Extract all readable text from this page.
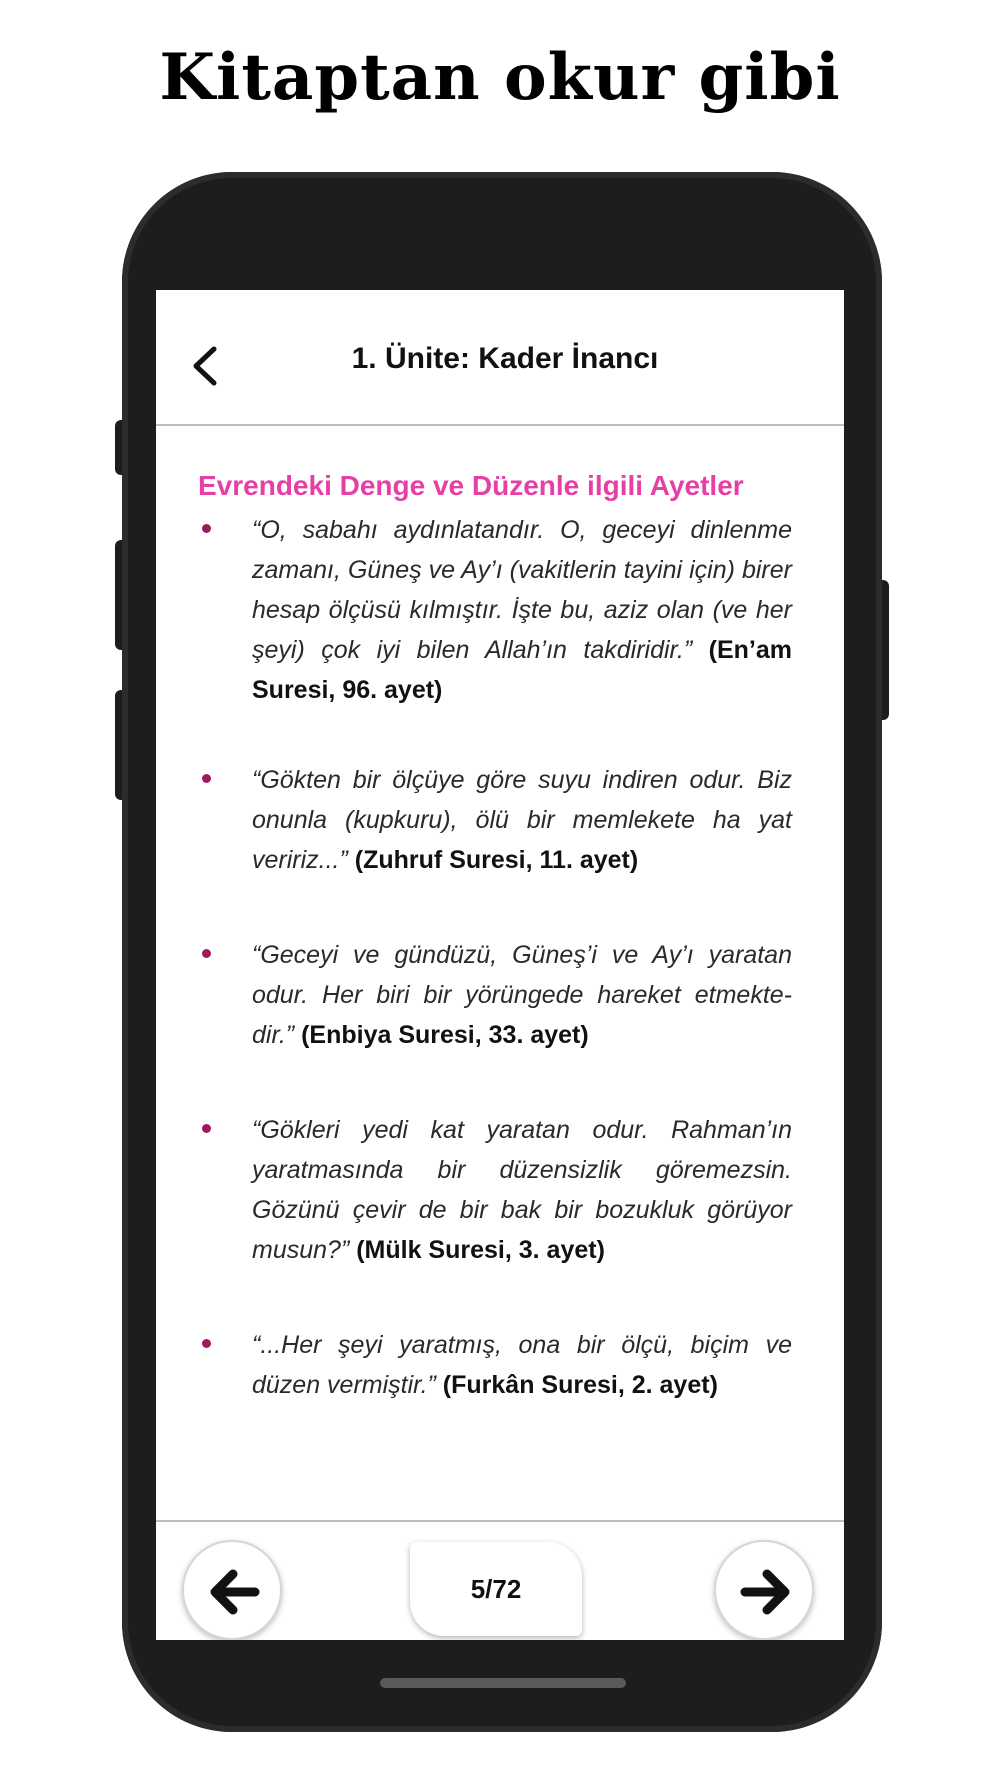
Kitaptan okur gibi
1. Ünite: Kader İnancı
Evrendeki Denge ve Düzenle ilgili Ayetler
“O, sabahı aydınlatandır. O, geceyi dinlenme zamanı, Güneş ve Ay’ı (vakitlerin tayini için) birer hesap ölçüsü kılmıştır. İşte bu, aziz olan (ve her şeyi) çok iyi bilen Allah’ın takdiridir.” (En’am Suresi, 96. ayet)
“Gökten bir ölçüye göre suyu indiren odur. Biz onunla (kupkuru), ölü bir memlekete ha yat veririz...” (Zuhruf Suresi, 11. ayet)
“Geceyi ve gündüzü, Güneş’i ve Ay’ı yaratan odur. Her biri bir yörüngede hareket etmekte-dir.” (Enbiya Suresi, 33. ayet)
“Gökleri yedi kat yaratan odur. Rahman’ın yaratmasında bir düzensizlik göremezsin. Gözünü çevir de bir bak bir bozukluk görüyor musun?” (Mülk Suresi, 3. ayet)
“...Her şeyi yaratmış, ona bir ölçü, biçim ve düzen vermiştir.” (Furkân Suresi, 2. ayet)
5/72
